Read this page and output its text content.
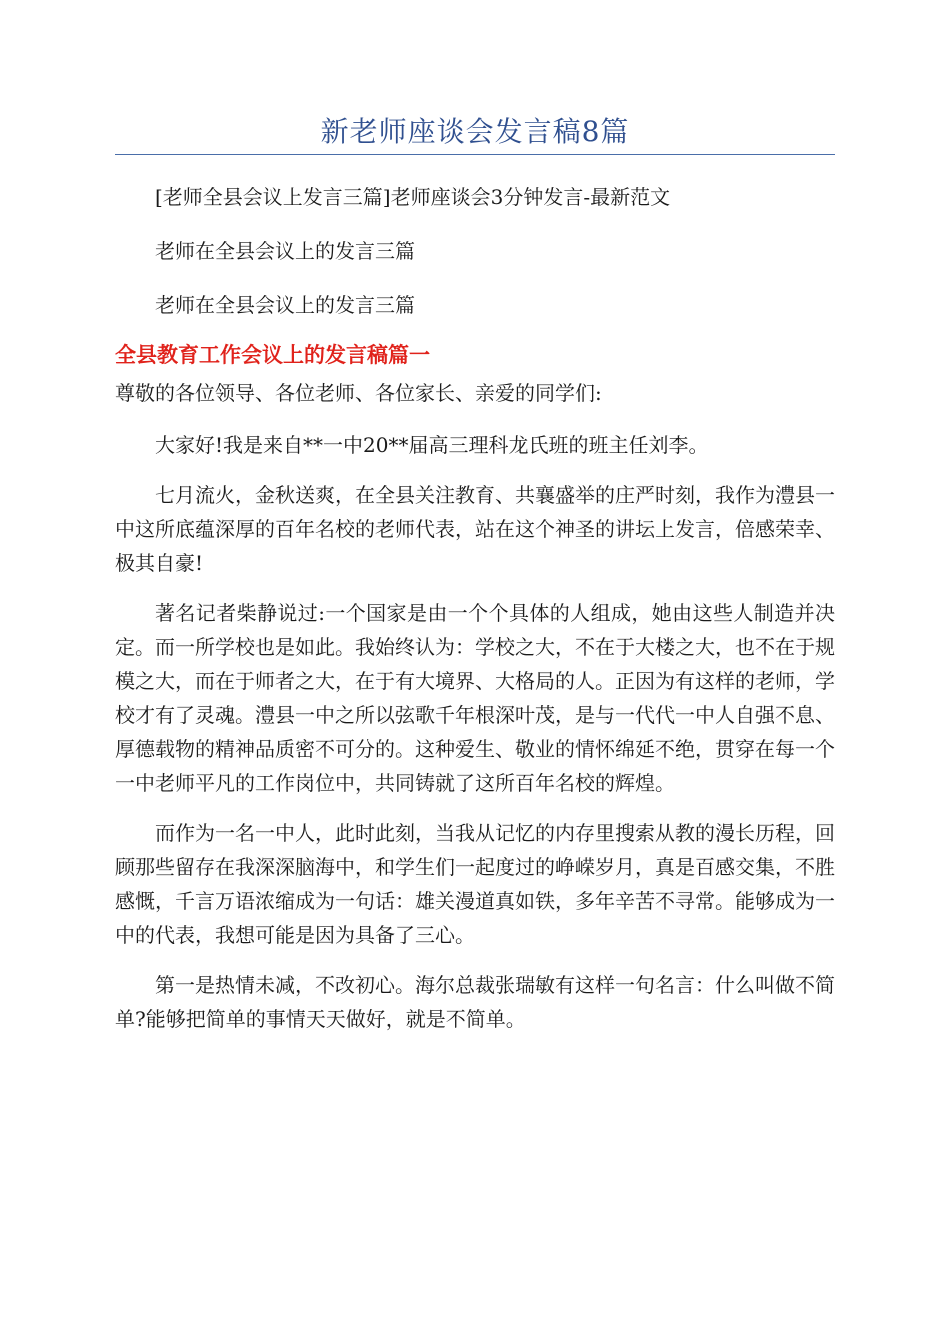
新老师座谈会发言稿8篇

[老师全县会议上发言三篇]老师座谈会3分钟发言-最新范文

老师在全县会议上的发言三篇

老师在全县会议上的发言三篇

全县教育工作会议上的发言稿篇一

尊敬的各位领导、各位老师、各位家长、亲爱的同学们:

大家好!我是来自**一中20**届高三理科龙氏班的班主任刘李。

七月流火，金秋送爽，在全县关注教育、共襄盛举的庄严时刻，我作为澧县一中这所底蕴深厚的百年名校的老师代表，站在这个神圣的讲坛上发言，倍感荣幸、极其自豪!

著名记者柴静说过:一个国家是由一个个具体的人组成，她由这些人制造并决定。而一所学校也是如此。我始终认为：学校之大，不在于大楼之大，也不在于规模之大，而在于师者之大，在于有大境界、大格局的人。正因为有这样的老师，学校才有了灵魂。澧县一中之所以弦歌千年根深叶茂，是与一代代一中人自强不息、厚德载物的精神品质密不可分的。这种爱生、敬业的情怀绵延不绝，贯穿在每一个一中老师平凡的工作岗位中，共同铸就了这所百年名校的辉煌。

而作为一名一中人，此时此刻，当我从记忆的内存里搜索从教的漫长历程，回顾那些留存在我深深脑海中，和学生们一起度过的峥嵘岁月，真是百感交集，不胜感慨，千言万语浓缩成为一句话：雄关漫道真如铁，多年辛苦不寻常。能够成为一中的代表，我想可能是因为具备了三心。

第一是热情未减，不改初心。海尔总裁张瑞敏有这样一句名言：什么叫做不简单?能够把简单的事情天天做好，就是不简单。
